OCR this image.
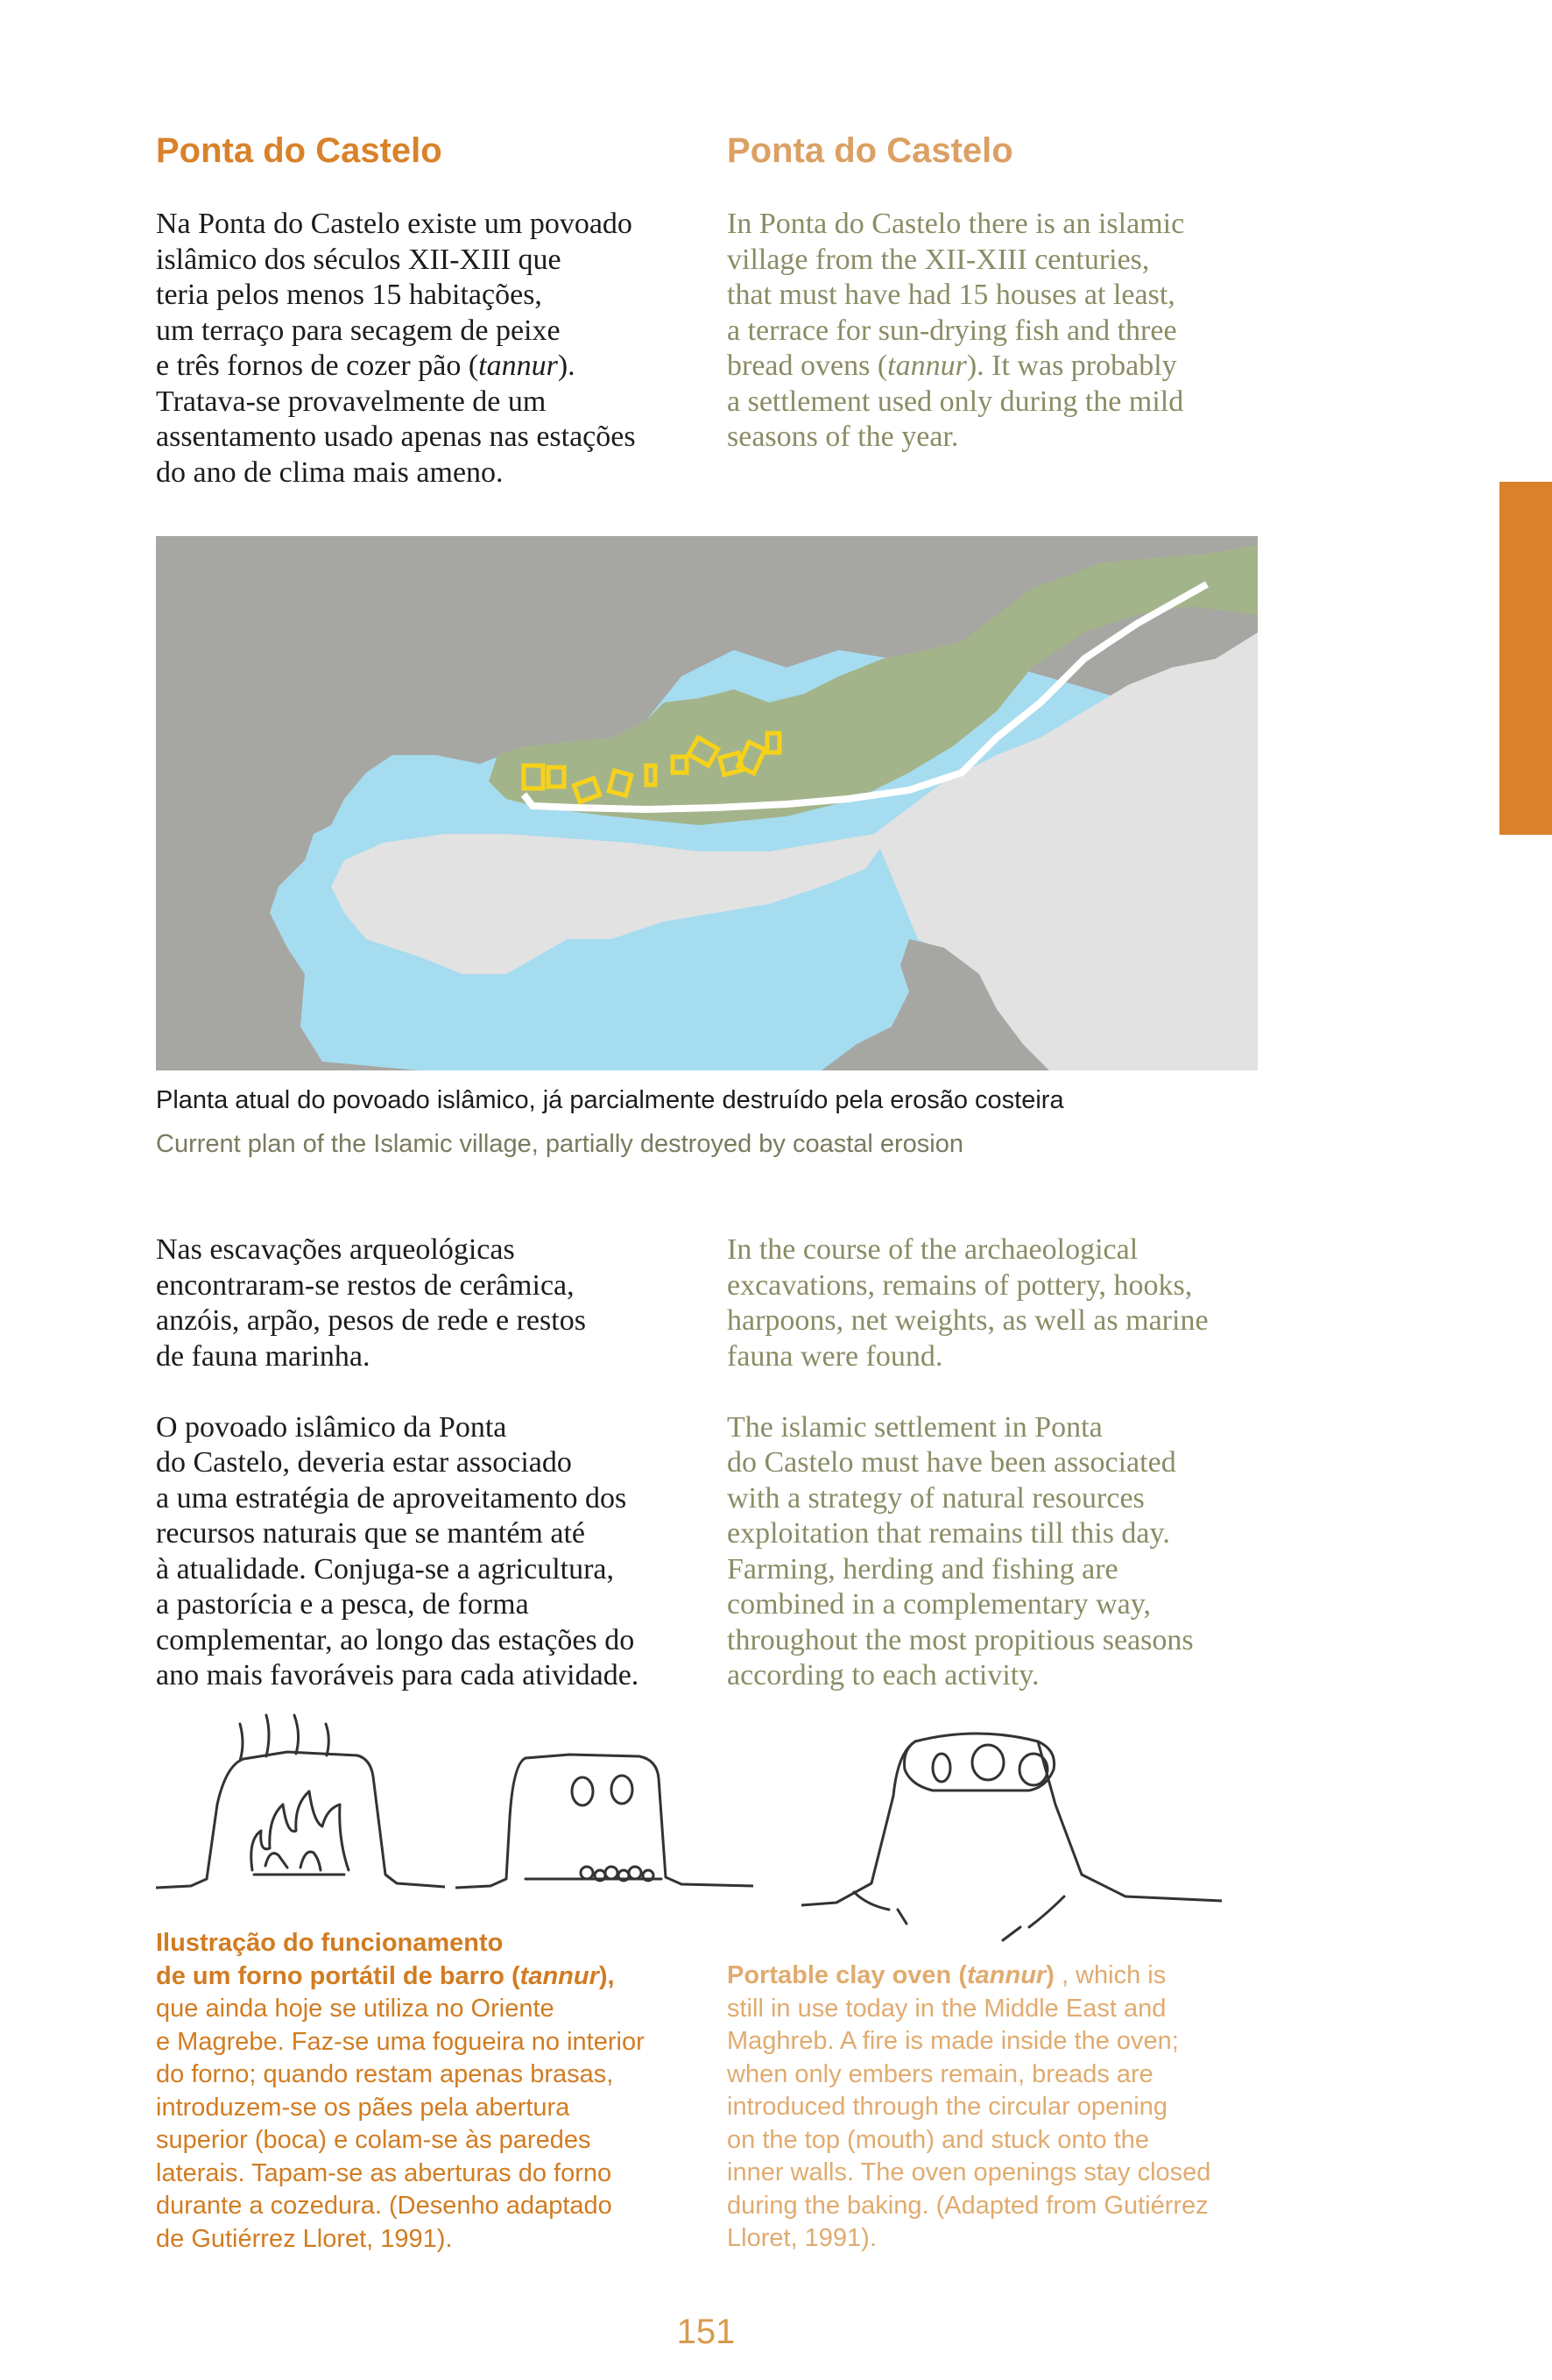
Ponta do Castelo	Ponta do Castelo

Na Ponta do Castelo existe um povoado

islâmico dos séculos XII-XIII que

teria pelos menos 15 habitações,

um terraço para secagem de peixe

e três fornos de cozer pão (tannur).

Tratava-se provavelmente de um

assentamento usado apenas nas estações

do ano de clima mais ameno.

In Ponta do Castelo there is an islamic

village from the XII-XIII centuries,

that must have had 15 houses at least,

a terrace for sun-drying fish and three

bread ovens (tannur). It was probably

a settlement used only during the mild

seasons of the year.

Planta atual do povoado islâmico, já parcialmente destruído pela erosão costeira
Current plan of the Islamic village, partially destroyed by coastal erosion

Nas escavações arqueológicas

encontraram-se restos de cerâmica,

anzóis, arpão, pesos de rede e restos

de fauna marinha.

O povoado islâmico da Ponta

do Castelo, deveria estar associado

a uma estratégia de aproveitamento dos

recursos naturais que se mantém até

à atualidade. Conjuga-se a agricultura,

a pastorícia e a pesca, de forma

complementar, ao longo das estações do

ano mais favoráveis para cada atividade.

In the course of the archaeological

excavations, remains of pottery, hooks,

harpoons, net weights, as well as marine

fauna were found.

The islamic settlement in Ponta

do Castelo must have been associated

with a strategy of natural resources

exploitation that remains till this day.

Farming, herding and fishing are

combined in a complementary way,

throughout the most propitious seasons

according to each activity.

Ilustração do funcionamento
de um forno portátil de barro (tannur),
que ainda hoje se utiliza no Oriente
e Magrebe. Faz-se uma fogueira no interior
do forno; quando restam apenas brasas,
introduzem-se os pães pela abertura
superior (boca) e colam-se às paredes
laterais. Tapam-se as aberturas do forno
durante a cozedura. (Desenho adaptado
de Gutiérrez Lloret, 1991).
Portable clay oven (tannur) , which is
still in use today in the Middle East and
Maghreb. A fire is made inside the oven;
when only embers remain, breads are
introduced through the circular opening
on the top (mouth) and stuck onto the
inner walls. The oven openings stay closed
during the baking. (Adapted from Gutiérrez
Lloret, 1991).
151
